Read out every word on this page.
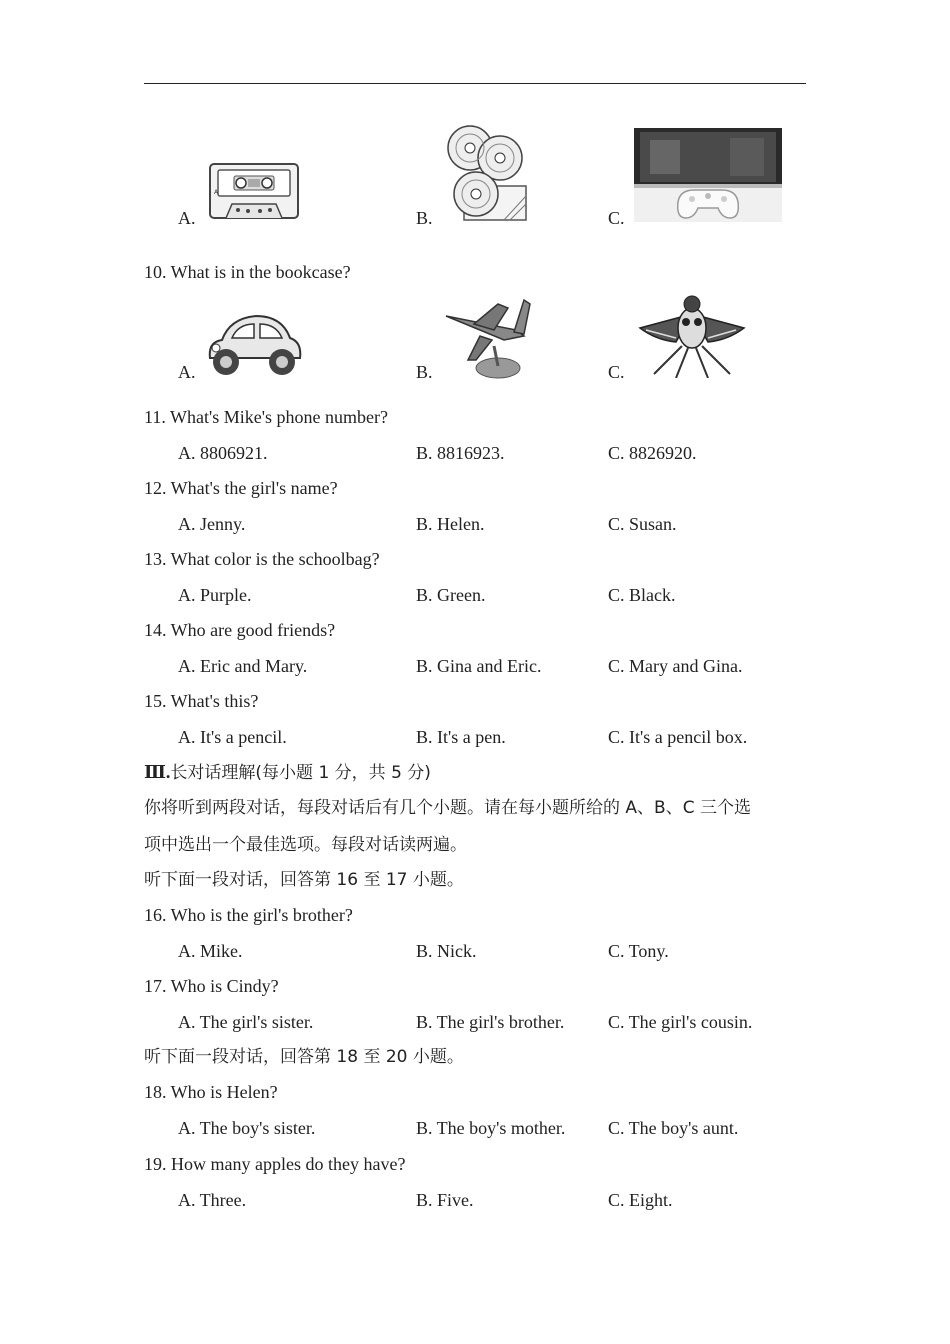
A.
A
B.	C.
10. What is in the bookcase?
A.	B.	C.
11. What's Mike's phone number?
A. 8806921.	B. 8816923.	C. 8826920.
12. What's the girl's name?
A. Jenny.	B. Helen.	C. Susan.
13. What color is the schoolbag?
A. Purple.	B. Green.	C. Black.
14. Who are good friends?
A. Eric and Mary.	B. Gina and Eric.	C. Mary and Gina.
15. What's this?
A. It's a pencil.	B. It's a pen.	C. It's a pencil box.
Ⅲ.长对话理解(每小题 1 分，共 5 分)
你将听到两段对话，每段对话后有几个小题。请在每小题所给的 A、B、C 三个选
项中选出一个最佳选项。每段对话读两遍。
听下面一段对话，回答第 16 至 17 小题。
16. Who is the girl's brother?
A. Mike.	B. Nick.	C. Tony.
17. Who is Cindy?
A. The girl's sister.	B. The girl's brother. C. The girl's cousin.
听下面一段对话，回答第 18 至 20 小题。
18. Who is Helen?
A. The boy's sister.	B. The boy's mother. C. The boy's aunt.
19. How many apples do they have?
A. Three.	B. Five.	C. Eight.
